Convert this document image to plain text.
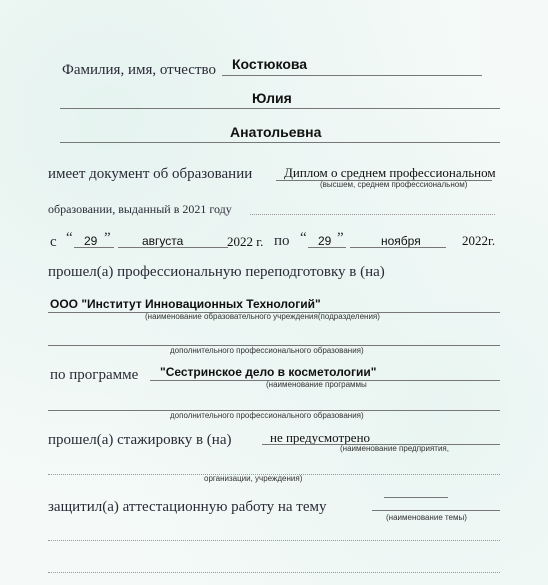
Фамилия, имя, отчество Костюкова
Юлия
Анатольевна
имеет документ об образовании Диплом о среднем профессиональном
(высшем, среднем профессиональном)
образовании, выданный в 2021 году
с “ 29 ”	августа	2022 г. по “ 29 ”	ноября	2022г.
прошел(а) профессиональную переподготовку в (на)
ООО "Институт Инновационных Технологий"
(наименование образовательного учреждения(подразделения)
дополнительного профессионального образования)
по программе "Сестринское дело в косметологии"
(наименование программы
дополнительного профессионального образования)
прошел(а) стажировку в (на)	не предусмотрено
(наименование предприятия,
организации, учреждения)
защитил(а) аттестационную работу на тему
(наименование темы)
